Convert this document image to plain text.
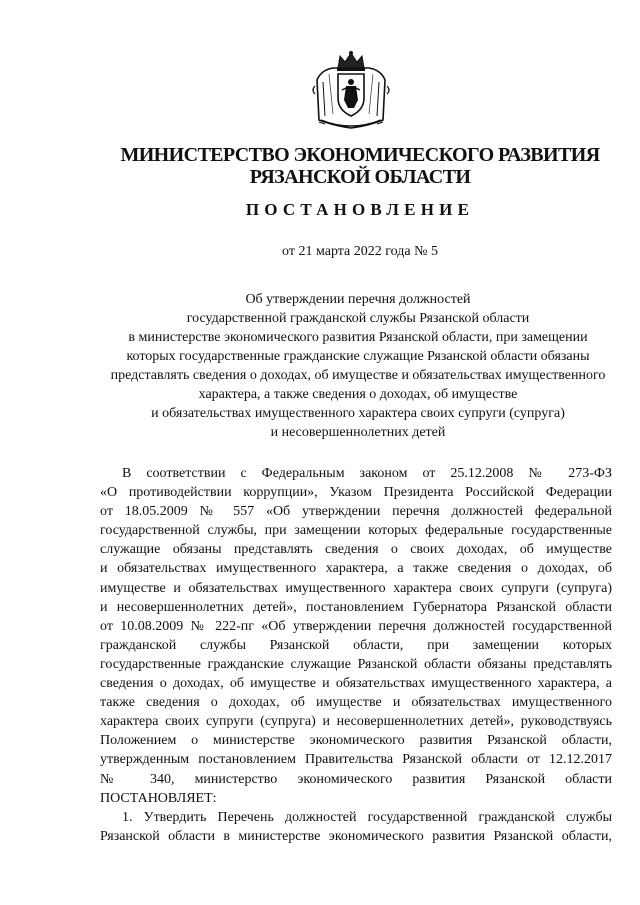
МИНИСТЕРСТВО ЭКОНОМИЧЕСКОГО РАЗВИТИЯ
РЯЗАНСКОЙ ОБЛАСТИ
ПОСТАНОВЛЕНИЕ
от 21 марта 2022 года № 5
Об утверждении перечня должностей
государственной гражданской службы Рязанской области
в министерстве экономического развития Рязанской области, при замещении
которых государственные гражданские служащие Рязанской области обязаны
представлять сведения о доходах, об имуществе и обязательствах имущественного
характера, а также сведения о доходах, об имуществе
и обязательствах имущественного характера своих супруги (супруга)
и несовершеннолетних детей
В соответствии с Федеральным законом от 25.12.2008 № 273-ФЗ
«О противодействии коррупции», Указом Президента Российской Федерации
от 18.05.2009 № 557 «Об утверждении перечня должностей федеральной
государственной службы, при замещении которых федеральные государственные
служащие обязаны представлять сведения о своих доходах, об имуществе
и обязательствах имущественного характера, а также сведения о доходах, об
имуществе и обязательствах имущественного характера своих супруги (супруга)
и несовершеннолетних детей», постановлением Губернатора Рязанской области
от 10.08.2009 № 222-пг «Об утверждении перечня должностей государственной
гражданской службы Рязанской области, при замещении которых
государственные гражданские служащие Рязанской области обязаны представлять
сведения о доходах, об имуществе и обязательствах имущественного характера, а
также сведения о доходах, об имуществе и обязательствах имущественного
характера своих супруги (супруга) и несовершеннолетних детей», руководствуясь
Положением о министерстве экономического развития Рязанской области,
утвержденным постановлением Правительства Рязанской области от 12.12.2017
№ 340, министерство экономического развития Рязанской области
ПОСТАНОВЛЯЕТ:
1. Утвердить Перечень должностей государственной гражданской службы
Рязанской области в министерстве экономического развития Рязанской области,
